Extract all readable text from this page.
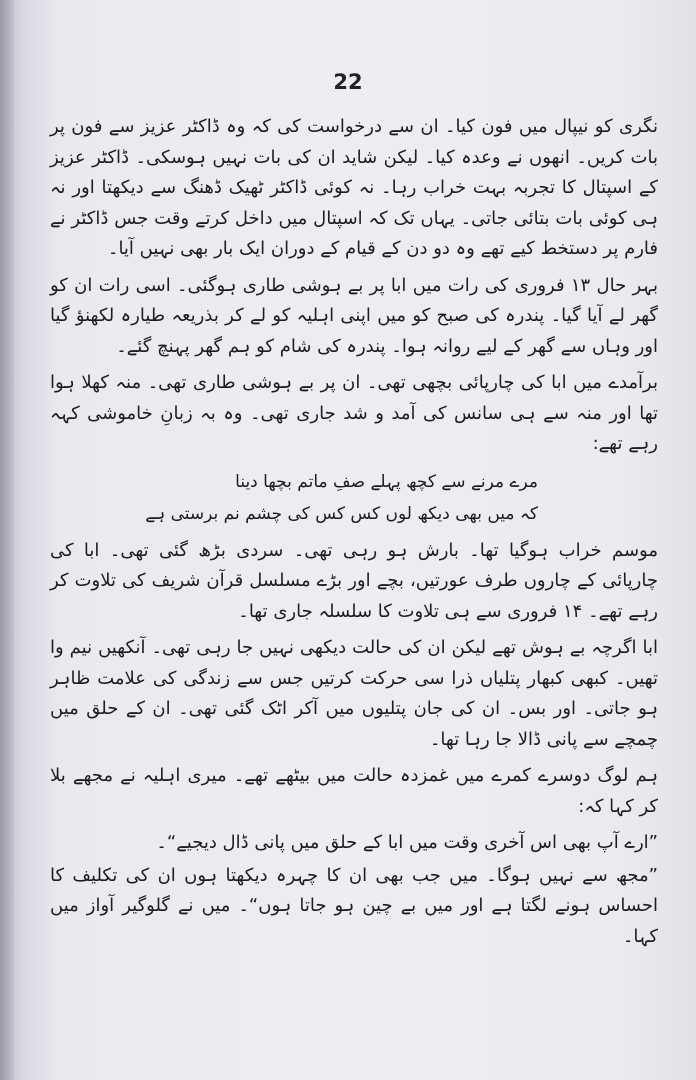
22

نگری کو نیپال میں فون کیا۔ ان سے درخواست کی کہ وہ ڈاکٹر عزیز سے فون پر بات کریں۔ انھوں نے وعدہ کیا۔ لیکن شاید ان کی بات نہیں ہوسکی۔ ڈاکٹر عزیز کے اسپتال کا تجربہ بہت خراب رہا۔ نہ کوئی ڈاکٹر ٹھیک ڈھنگ سے دیکھتا اور نہ ہی کوئی بات بتائی جاتی۔ یہاں تک کہ اسپتال میں داخل کرتے وقت جس ڈاکٹر نے فارم پر دستخط کیے تھے وہ دو دن کے قیام کے دوران ایک بار بھی نہیں آیا۔

بہر حال ۱۳ فروری کی رات میں ابا پر بے ہوشی طاری ہوگئی۔ اسی رات ان کو گھر لے آیا گیا۔ پندرہ کی صبح کو میں اپنی اہلیہ کو لے کر بذریعہ طیارہ لکھنؤ گیا اور وہاں سے گھر کے لیے روانہ ہوا۔ پندرہ کی شام کو ہم گھر پہنچ گئے۔

برآمدے میں ابا کی چارپائی بچھی تھی۔ ان پر بے ہوشی طاری تھی۔ منہ کھلا ہوا تھا اور منہ سے ہی سانس کی آمد و شد جاری تھی۔ وہ بہ زبانِ خاموشی کہہ رہے تھے:

مرے مرنے سے کچھ پہلے صفِ ماتم بچھا دینا
کہ میں بھی دیکھ لوں کس کس کی چشم نم برستی ہے

موسم خراب ہوگیا تھا۔ بارش ہو رہی تھی۔ سردی بڑھ گئی تھی۔ ابا کی چارپائی کے چاروں طرف عورتیں، بچے اور بڑے مسلسل قرآن شریف کی تلاوت کر رہے تھے۔ ۱۴ فروری سے ہی تلاوت کا سلسلہ جاری تھا۔

ابا اگرچہ بے ہوش تھے لیکن ان کی حالت دیکھی نہیں جا رہی تھی۔ آنکھیں نیم وا تھیں۔ کبھی کبھار پتلیاں ذرا سی حرکت کرتیں جس سے زندگی کی علامت ظاہر ہو جاتی۔ اور بس۔ ان کی جان پتلیوں میں آکر اٹک گئی تھی۔ ان کے حلق میں چمچے سے پانی ڈالا جا رہا تھا۔

ہم لوگ دوسرے کمرے میں غمزدہ حالت میں بیٹھے تھے۔ میری اہلیہ نے مجھے بلا کر کہا کہ:

”ارے آپ بھی اس آخری وقت میں ابا کے حلق میں پانی ڈال دیجیے“۔

”مجھ سے نہیں ہوگا۔ میں جب بھی ان کا چہرہ دیکھتا ہوں ان کی تکلیف کا احساس ہونے لگتا ہے اور میں بے چین ہو جاتا ہوں“۔ میں نے گلوگیر آواز میں کہا۔
